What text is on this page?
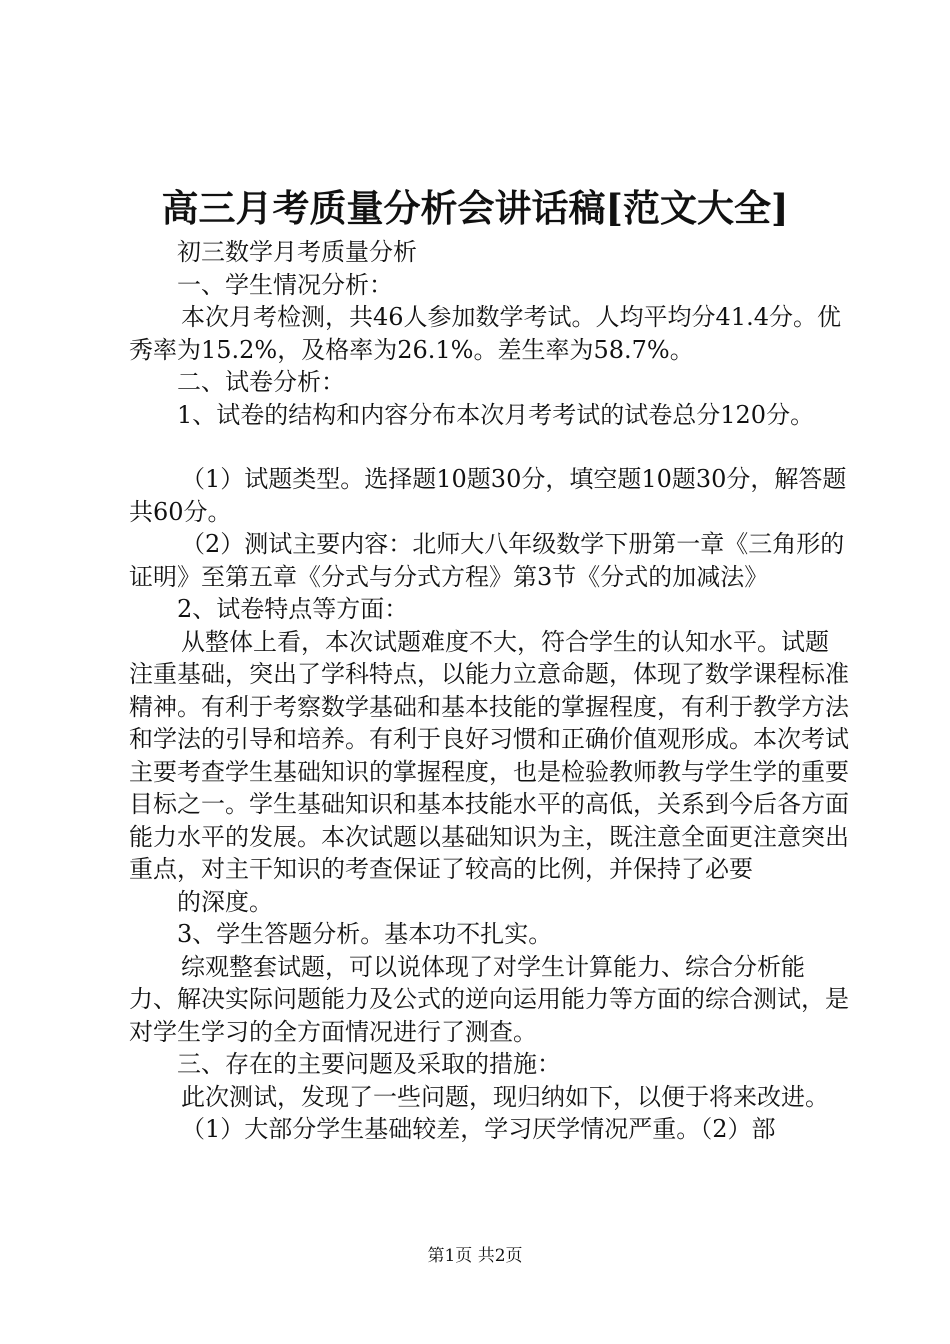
高三月考质量分析会讲话稿[范文大全]

初三数学月考质量分析

一、学生情况分析：

本次月考检测，共46人参加数学考试。人均平均分41.4分。优秀率为15.2%，及格率为26.1%。差生率为58.7%。

二、试卷分析：

1、试卷的结构和内容分布本次月考考试的试卷总分120分。

（1）试题类型。选择题10题30分，填空题10题30分，解答题共60分。

（2）测试主要内容：北师大八年级数学下册第一章《三角形的证明》至第五章《分式与分式方程》第3节《分式的加减法》

2、试卷特点等方面：

从整体上看，本次试题难度不大，符合学生的认知水平。试题注重基础，突出了学科特点，以能力立意命题，体现了数学课程标准精神。有利于考察数学基础和基本技能的掌握程度，有利于教学方法和学法的引导和培养。有利于良好习惯和正确价值观形成。本次考试主要考查学生基础知识的掌握程度，也是检验教师教与学生学的重要目标之一。学生基础知识和基本技能水平的高低，关系到今后各方面能力水平的发展。本次试题以基础知识为主，既注意全面更注意突出重点，对主干知识的考查保证了较高的比例，并保持了必要

的深度。

3、学生答题分析。基本功不扎实。

综观整套试题，可以说体现了对学生计算能力、综合分析能力、解决实际问题能力及公式的逆向运用能力等方面的综合测试，是对学生学习的全方面情况进行了测查。

三、存在的主要问题及采取的措施：

此次测试，发现了一些问题，现归纳如下，以便于将来改进。

（1）大部分学生基础较差，学习厌学情况严重。（2）部

第1页 共2页
